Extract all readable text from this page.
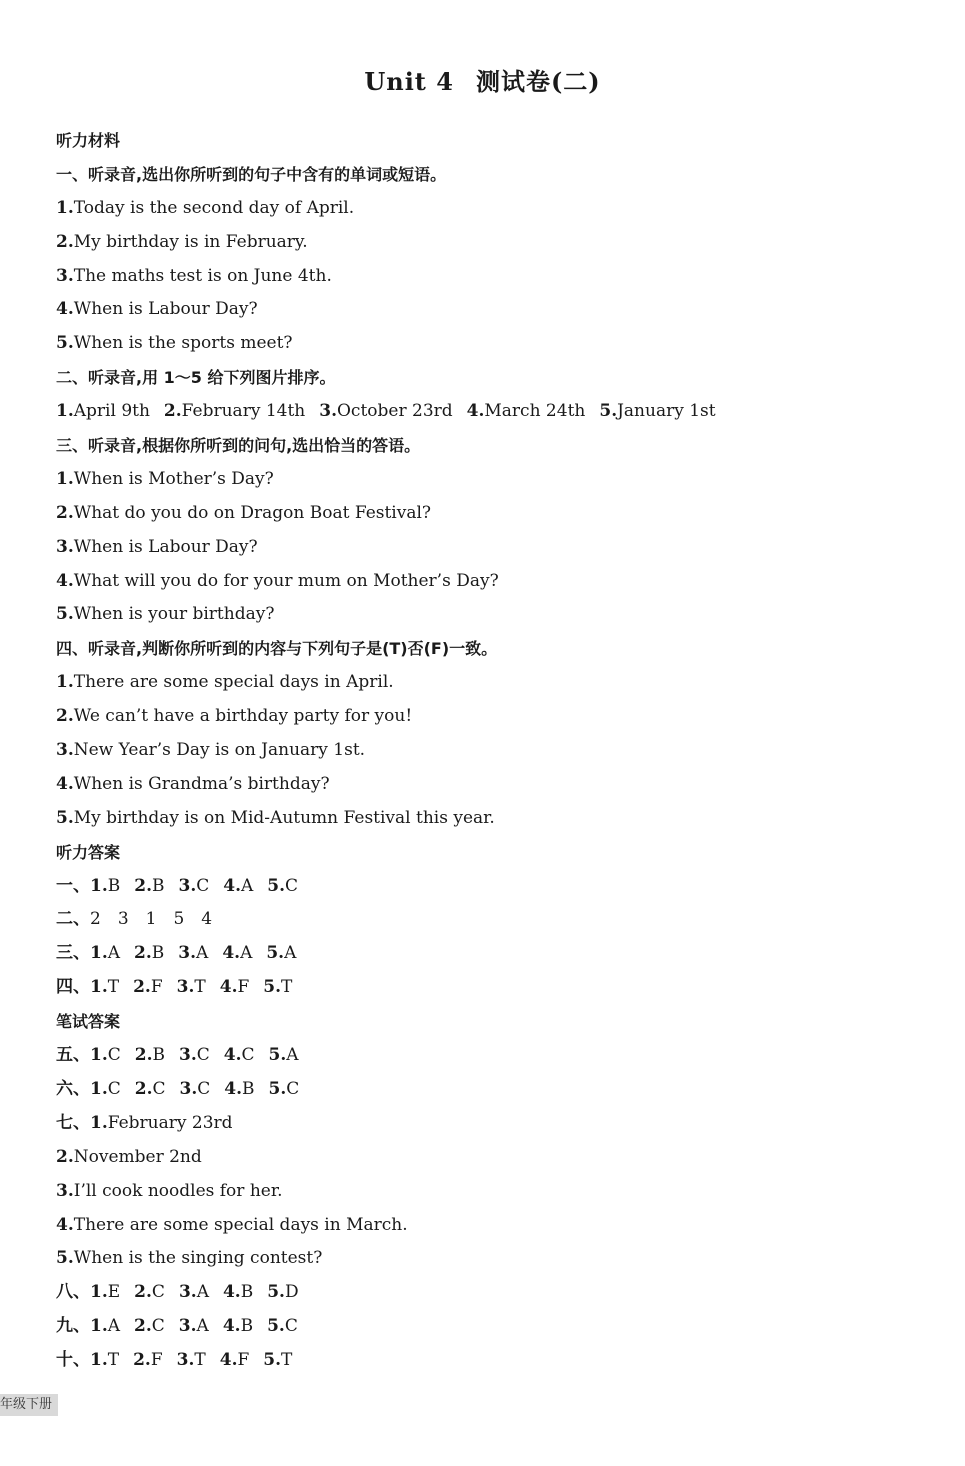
Unit 4 测试卷(二)
听力材料
一、听录音,选出你所听到的句子中含有的单词或短语。
1.Today is the second day of April.
2.My birthday is in February.
3.The maths test is on June 4th.
4.When is Labour Day?
5.When is the sports meet?
二、听录音,用 1～5 给下列图片排序。
1.April 9th 2.February 14th 3.October 23rd 4.March 24th 5.January 1st
三、听录音,根据你所听到的问句,选出恰当的答语。
1.When is Mother’s Day?
2.What do you do on Dragon Boat Festival?
3.When is Labour Day?
4.What will you do for your mum on Mother’s Day?
5.When is your birthday?
四、听录音,判断你所听到的内容与下列句子是(T)否(F)一致。
1.There are some special days in April.
2.We can’t have a birthday party for you!
3.New Year’s Day is on January 1st.
4.When is Grandma’s birthday?
5.My birthday is on Mid-Autumn Festival this year.
听力答案
一、1.B 2.B 3.C 4.A 5.C
二、2　3　1　5　4
三、1.A 2.B 3.A 4.A 5.A
四、1.T 2.F 3.T 4.F 5.T
笔试答案
五、1.C 2.B 3.C 4.C 5.A
六、1.C 2.C 3.C 4.B 5.C
七、1.February 23rd
2.November 2nd
3.I’ll cook noodles for her.
4.There are some special days in March.
5.When is the singing contest?
八、1.E 2.C 3.A 4.B 5.D
九、1.A 2.C 3.A 4.B 5.C
十、1.T 2.F 3.T 4.F 5.T
年级下册
